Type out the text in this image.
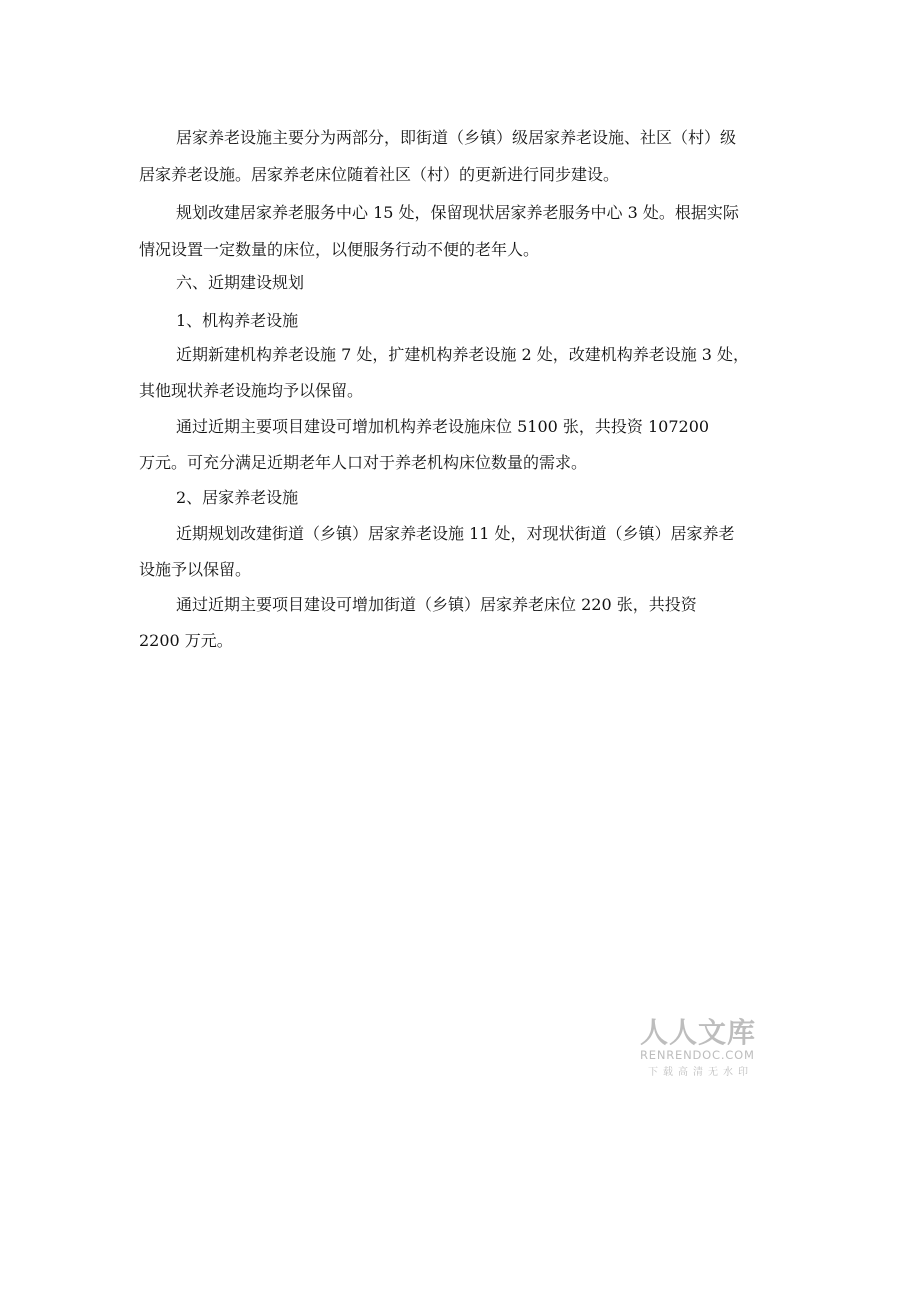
居家养老设施主要分为两部分，即街道（乡镇）级居家养老设施、社区（村）级
居家养老设施。居家养老床位随着社区（村）的更新进行同步建设。
规划改建居家养老服务中心 15 处，保留现状居家养老服务中心 3 处。根据实际
情况设置一定数量的床位，以便服务行动不便的老年人。
六、近期建设规划
1、机构养老设施
近期新建机构养老设施 7 处，扩建机构养老设施 2 处，改建机构养老设施 3 处，
其他现状养老设施均予以保留。
通过近期主要项目建设可增加机构养老设施床位 5100 张，共投资 107200
万元。可充分满足近期老年人口对于养老机构床位数量的需求。
2、居家养老设施
近期规划改建街道（乡镇）居家养老设施 11 处，对现状街道（乡镇）居家养老
设施予以保留。
通过近期主要项目建设可增加街道（乡镇）居家养老床位 220 张，共投资
2200 万元。
人人文库
RENRENDOC.COM
下载高清无水印
